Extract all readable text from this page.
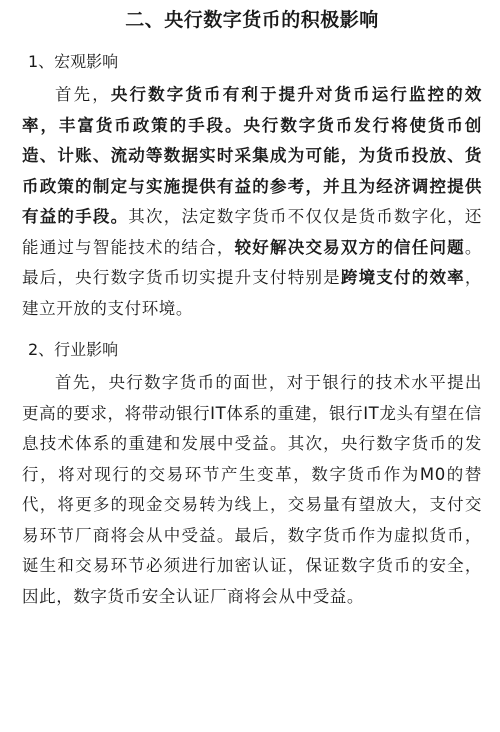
二、央行数字货币的积极影响
1、宏观影响

首先，央行数字货币有利于提升对货币运行监控的效率，丰富货币政策的手段。央行数字货币发行将使货币创造、计账、流动等数据实时采集成为可能，为货币投放、货币政策的制定与实施提供有益的参考，并且为经济调控提供有益的手段。其次，法定数字货币不仅仅是货币数字化，还能通过与智能技术的结合，较好解决交易双方的信任问题。最后，央行数字货币切实提升支付特别是跨境支付的效率，建立开放的支付环境。

2、行业影响

首先，央行数字货币的面世，对于银行的技术水平提出更高的要求，将带动银行IT体系的重建，银行IT龙头有望在信息技术体系的重建和发展中受益。其次，央行数字货币的发行，将对现行的交易环节产生变革，数字货币作为M0的替代，将更多的现金交易转为线上，交易量有望放大，支付交易环节厂商将会从中受益。最后，数字货币作为虚拟货币，诞生和交易环节必须进行加密认证，保证数字货币的安全，因此，数字货币安全认证厂商将会从中受益。
